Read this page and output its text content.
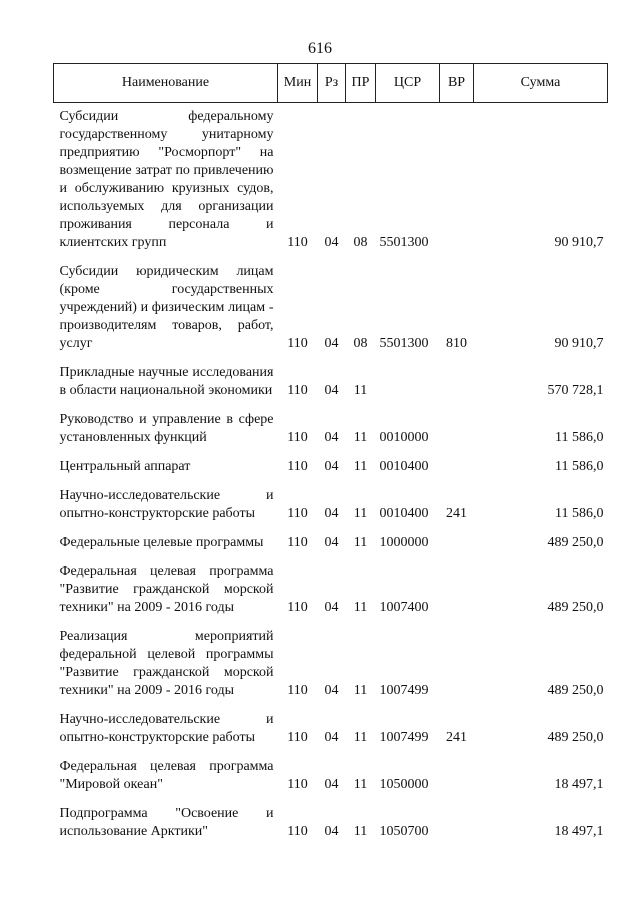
616
Наименование	Мин	Рз	ПР	ЦСР	ВР	Сумма
Субсидии федеральному государственному унитарному предприятию "Росморпорт" на возмещение затрат по привлечению и обслуживанию круизных судов, используемых для организации проживания персонала и клиентских групп	110	04	08	5501300		90 910,7
Субсидии юридическим лицам (кроме государственных учреждений) и физическим лицам - производителям товаров, работ, услуг	110	04	08	5501300	810	90 910,7
Прикладные научные исследования в области национальной экономики	110	04	11			570 728,1
Руководство и управление в сфере установленных функций	110	04	11	0010000		11 586,0
Центральный аппарат	110	04	11	0010400		11 586,0
Научно-исследовательские и опытно-конструкторские работы	110	04	11	0010400	241	11 586,0
Федеральные целевые программы	110	04	11	1000000		489 250,0
Федеральная целевая программа "Развитие гражданской морской техники" на 2009 - 2016 годы	110	04	11	1007400		489 250,0
Реализация мероприятий федеральной целевой программы "Развитие гражданской морской техники" на 2009 - 2016 годы	110	04	11	1007499		489 250,0
Научно-исследовательские и опытно-конструкторские работы	110	04	11	1007499	241	489 250,0
Федеральная целевая программа "Мировой океан"	110	04	11	1050000		18 497,1
Подпрограмма "Освоение и использование Арктики"	110	04	11	1050700		18 497,1
